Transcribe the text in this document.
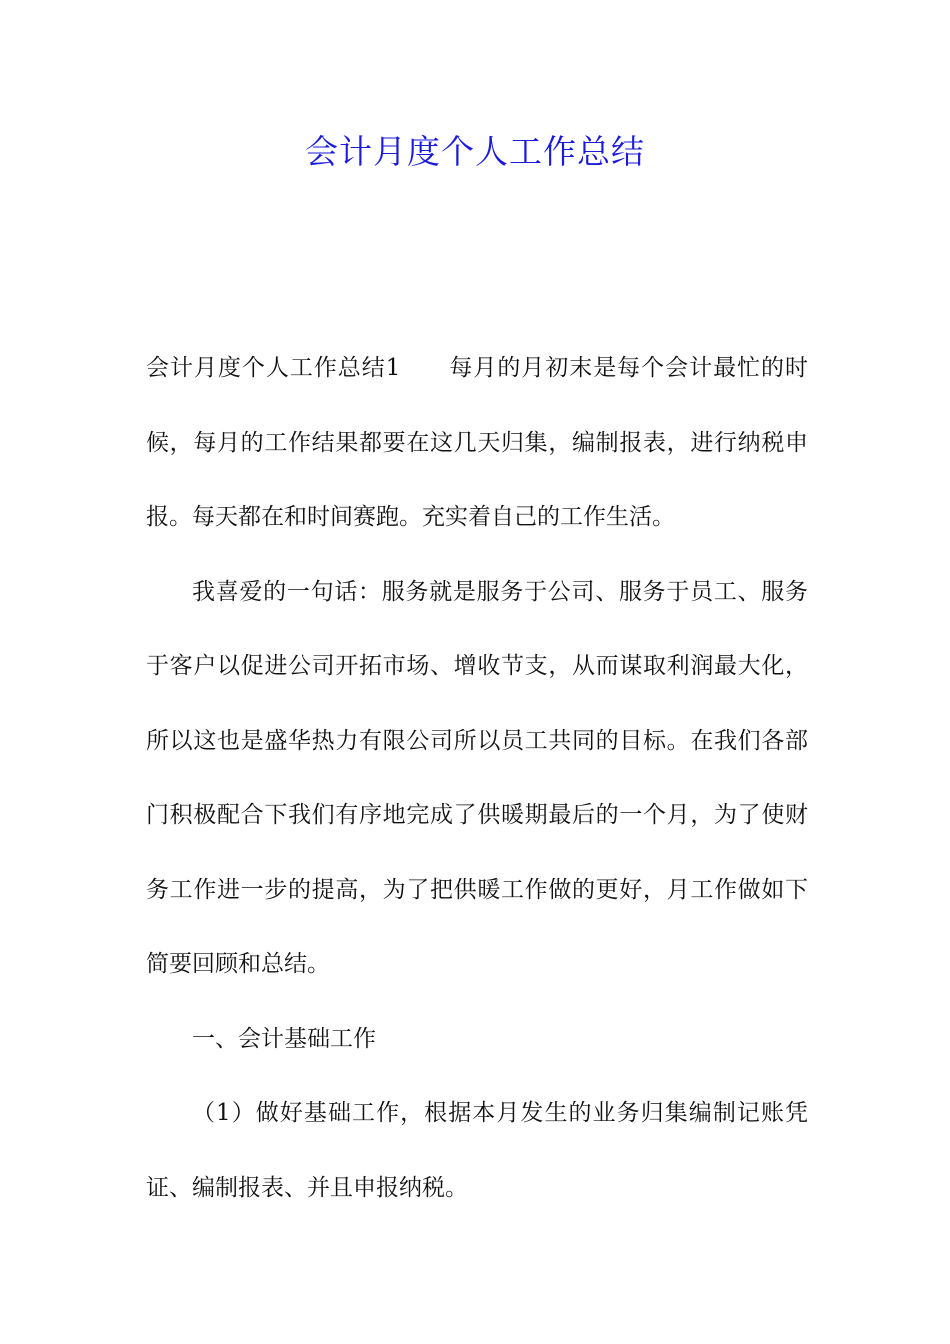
会计月度个人工作总结

会计月度个人工作总结1 每月的月初末是每个会计最忙的时候，每月的工作结果都要在这几天归集，编制报表，进行纳税申报。每天都在和时间赛跑。充实着自己的工作生活。

我喜爱的一句话：服务就是服务于公司、服务于员工、服务于客户以促进公司开拓市场、增收节支，从而谋取利润最大化，所以这也是盛华热力有限公司所以员工共同的目标。在我们各部门积极配合下我们有序地完成了供暖期最后的一个月，为了使财务工作进一步的提高，为了把供暖工作做的更好，月工作做如下简要回顾和总结。

一、会计基础工作

（1）做好基础工作，根据本月发生的业务归集编制记账凭证、编制报表、并且申报纳税。
